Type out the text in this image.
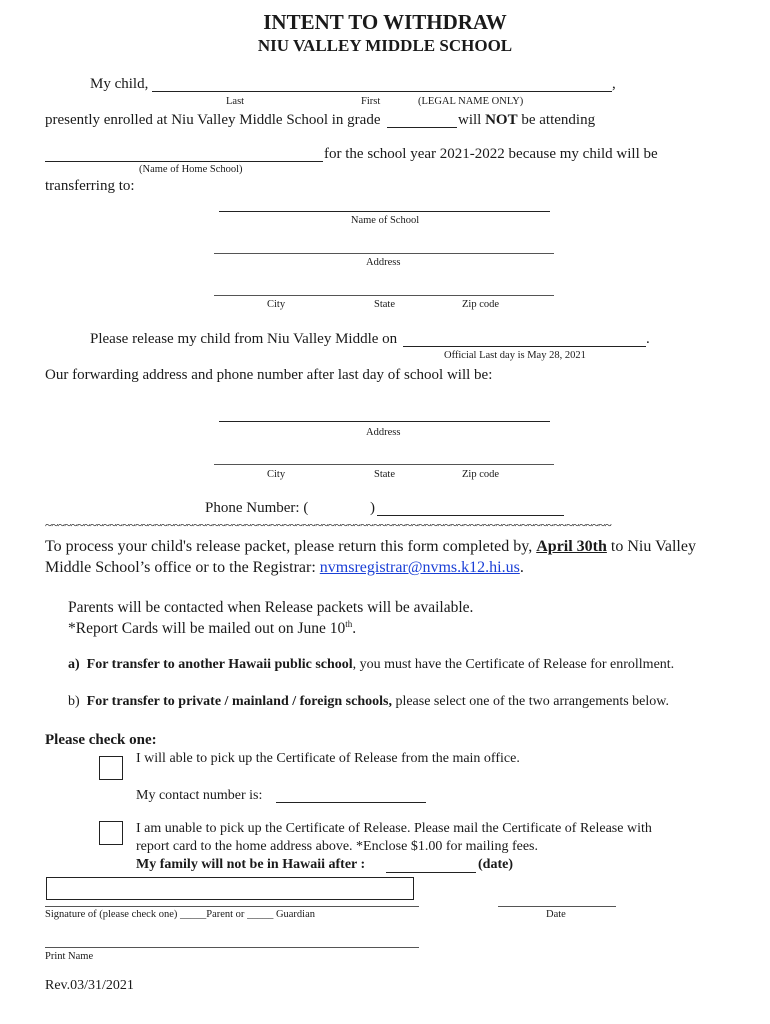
INTENT TO WITHDRAW
NIU VALLEY MIDDLE SCHOOL
My child,	,
Last	First	(LEGAL NAME ONLY)
presently enrolled at Niu Valley Middle School in grade	will NOT be attending
for the school year 2021-2022 because my child will be
(Name of Home School)
transferring to:
Name of School
Address
City	State	Zip code
Please release my child from Niu Valley Middle on	.
Official Last day is May 28, 2021
Our forwarding address and phone number after last day of school will be:
Address
City	State	Zip code
Phone Number: (	)
~~~~~~~~~~~~~~~~~~~~~~~~~~~~~~~~~~~~~~~~~~~~~~~~~~~~~~~~~~~~~~~~~~~~~~~~~~~~~~~~~~~~~~~~
To process your child's release packet, please return this form completed by, April 30th to Niu Valley
Middle School’s office or to the Registrar: nvmsregistrar@nvms.k12.hi.us.
Parents will be contacted when Release packets will be available.
*Report Cards will be mailed out on June 10th.
a) For transfer to another Hawaii public school, you must have the Certificate of Release for enrollment.
b) For transfer to private / mainland / foreign schools, please select one of the two arrangements below.
Please check one:
I will able to pick up the Certificate of Release from the main office.
My contact number is:
I am unable to pick up the Certificate of Release. Please mail the Certificate of Release with
report card to the home address above. *Enclose $1.00 for mailing fees.
My family will not be in Hawaii after :	(date)
Signature of (please check one) _____Parent or _____ Guardian	Date
Print Name
Rev.03/31/2021
